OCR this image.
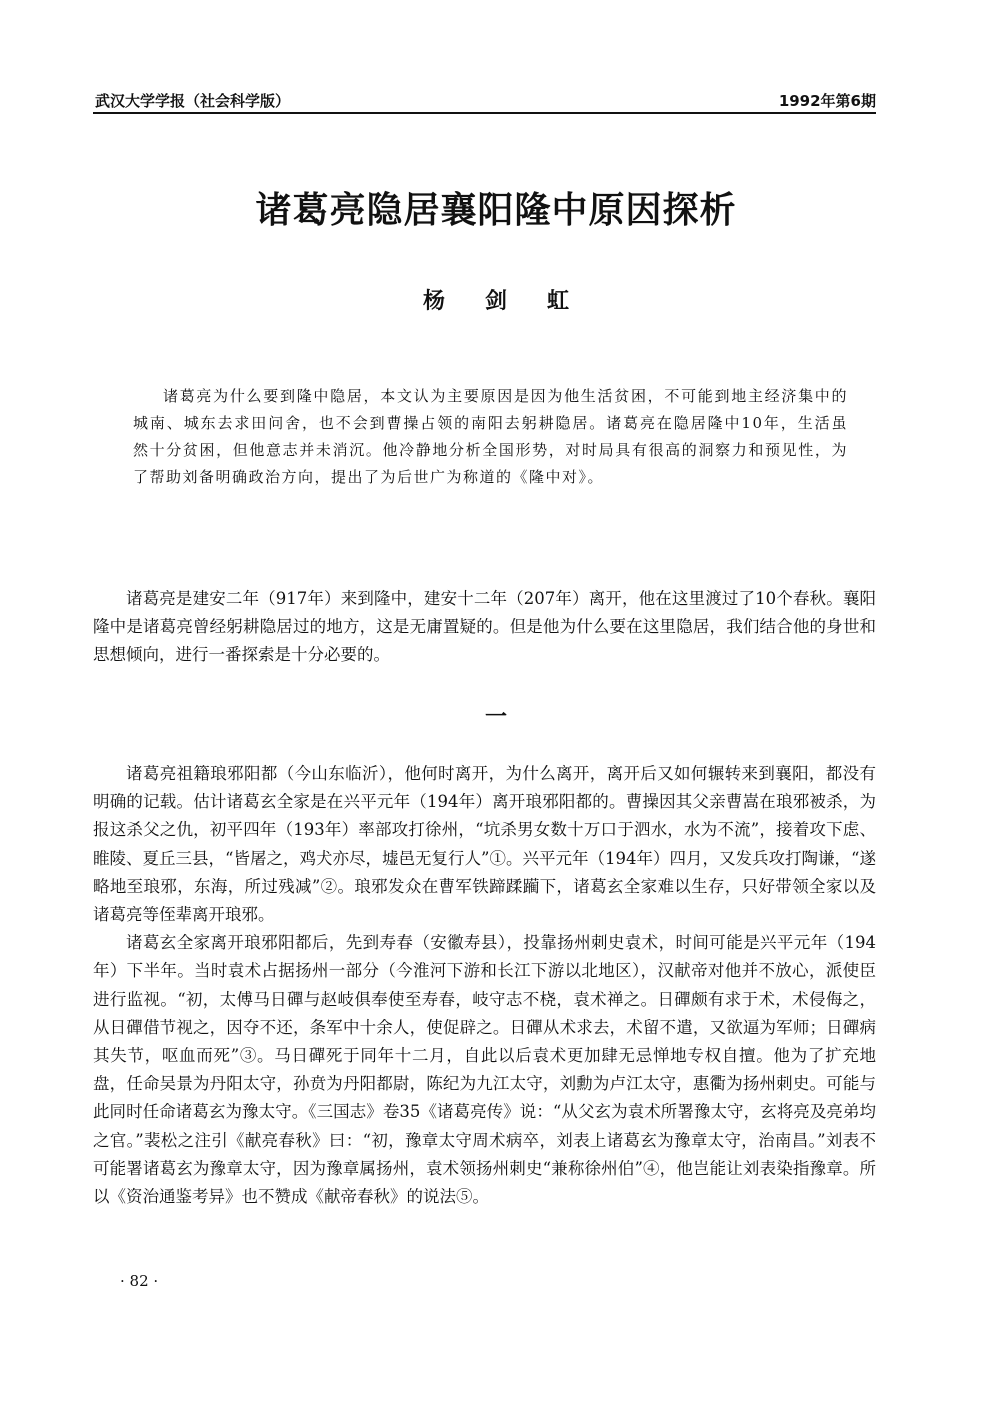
武汉大学学报（社会科学版）	1992年第6期
诸葛亮隐居襄阳隆中原因探析
杨剑虹

诸葛亮为什么要到隆中隐居，本文认为主要原因是因为他生活贫困，不可能到地主经济集中的城南、城东去求田问舍，也不会到曹操占领的南阳去躬耕隐居。诸葛亮在隐居隆中10年，生活虽然十分贫困，但他意志并未消沉。他冷静地分析全国形势，对时局具有很高的洞察力和预见性，为了帮助刘备明确政治方向，提出了为后世广为称道的《隆中对》。

诸葛亮是建安二年（917年）来到隆中，建安十二年（207年）离开，他在这里渡过了10个春秋。襄阳隆中是诸葛亮曾经躬耕隐居过的地方，这是无庸置疑的。但是他为什么要在这里隐居，我们结合他的身世和思想倾向，进行一番探索是十分必要的。

一

诸葛亮祖籍琅邪阳都（今山东临沂），他何时离开，为什么离开，离开后又如何辗转来到襄阳，都没有明确的记载。估计诸葛玄全家是在兴平元年（194年）离开琅邪阳都的。曹操因其父亲曹嵩在琅邪被杀，为报这杀父之仇，初平四年（193年）率部攻打徐州，“坑杀男女数十万口于泗水，水为不流”，接着攻下虑、睢陵、夏丘三县，“皆屠之，鸡犬亦尽，墟邑无复行人”①。兴平元年（194年）四月，又发兵攻打陶谦，“遂略地至琅邪，东海，所过残减”②。琅邪发众在曹军铁蹄蹂躏下，诸葛玄全家难以生存，只好带领全家以及诸葛亮等侄辈离开琅邪。

诸葛玄全家离开琅邪阳都后，先到寿春（安徽寿县），投靠扬州刺史袁术，时间可能是兴平元年（194年）下半年。当时袁术占据扬州一部分（今淮河下游和长江下游以北地区），汉献帝对他并不放心，派使臣进行监视。“初，太傅马日磾与赵岐俱奉使至寿春，岐守志不桡，袁术禅之。日磾颇有求于术，术侵侮之，从日磾借节视之，因夺不还，条军中十余人，使促辟之。日磾从术求去，术留不遣，又欲逼为军师；日磾病其失节，呕血而死”③。马日磾死于同年十二月，自此以后袁术更加肆无忌惮地专权自擅。他为了扩充地盘，任命吴景为丹阳太守，孙贲为丹阳都尉，陈纪为九江太守，刘勳为卢江太守，惠衢为扬州刺史。可能与此同时任命诸葛玄为豫太守。《三国志》卷35《诸葛亮传》说：“从父玄为袁术所署豫太守，玄将亮及亮弟均之官。”裴松之注引《献亮春秋》曰：“初，豫章太守周术病卒，刘表上诸葛玄为豫章太守，治南昌。”刘表不可能署诸葛玄为豫章太守，因为豫章属扬州，袁术领扬州刺史“兼称徐州伯”④，他岂能让刘表染指豫章。所以《资治通鉴考异》也不赞成《献帝春秋》的说法⑤。

· 82 ·
